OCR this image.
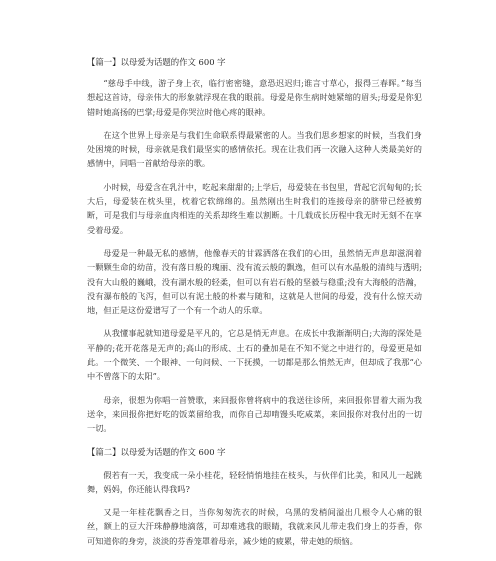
【篇一】以母爱为话题的作文 600 字

“慈母手中线，游子身上衣，临行密密缝，意恐迟迟归;谁言寸草心，报得三春晖。”每当想起这首诗，母亲伟大的形象就浮现在我的眼前。母爱是你生病时她紧缩的眉头;母爱是你犯错时她高扬的巴掌;母爱是你哭泣时他心疼的眼神。

在这个世界上母亲是与我们生命联系得最紧密的人。当我们思乡想家的时候，当我们身处困境的时候，母亲就是我们最坚实的感情依托。现在让我们再一次融入这种人类最美好的感情中，同唱一首献给母亲的歌。

小时候，母爱含在乳汁中，吃起来甜甜的;上学后，母爱装在书包里，背起它沉甸甸的;长大后，母爱装在枕头里，枕着它软绵绵的。虽然刚出生时我们的连接母亲的脐带已经被剪断，可是我们与母亲血肉相连的关系却终生难以割断。十几载成长历程中我无时无刻不在享受着母爱。

母爱是一种最无私的感情，他像春天的甘霖洒落在我们的心田，虽然悄无声息却滋润着一颗颗生命的幼苗，没有落日般的瑰丽、没有流云般的飘逸，但可以有水晶般的清纯与透明;没有大山般的巍峨，没有湖水般的轻柔，但可以有岩石般的坚毅与稳重;没有大海般的浩瀚，没有瀑布般的飞泻，但可以有泥土般的朴素与随和，这就是人世间的母爱，没有什么惊天动地，但正是这份爱谱写了一个有一个动人的乐章。

从我懂事起就知道母爱是平凡的，它总是悄无声息。在成长中我渐渐明白;大海的深处是平静的;花开花落是无声的;高山的形成、土石的叠加是在不知不觉之中进行的，母爱更是如此。一个微笑、一个眼神、一句问候、一下抚摸，一切都是那么悄然无声，但却成了我那“心中不曾落下的太阳”。

母亲，很想为你唱一首赞歌，来回报你曾将病中的我送往诊所，来回报你冒着大雨为我送伞，来回报你把好吃的饭菜留给我，而你自己却啃馒头吃咸菜，来回报你对我付出的一切一切。

【篇二】以母爱为话题的作文 600 字

假若有一天，我变成一朵小桂花，轻轻悄悄地挂在枝头，与伙伴们比美，和风儿一起跳舞，妈妈，你还能认得我吗?

又是一年桂花飘香之日，当你匆匆洗衣的时候，乌黑的发梢间溢出几根令人心痛的银丝，额上的豆大汗珠静静地滴落，可却难逃我的眼睛，我就来风儿带走我们身上的芬香，你可知道你的身旁，淡淡的芬香笼罩着母亲，减少她的疲累，带走她的烦恼。
